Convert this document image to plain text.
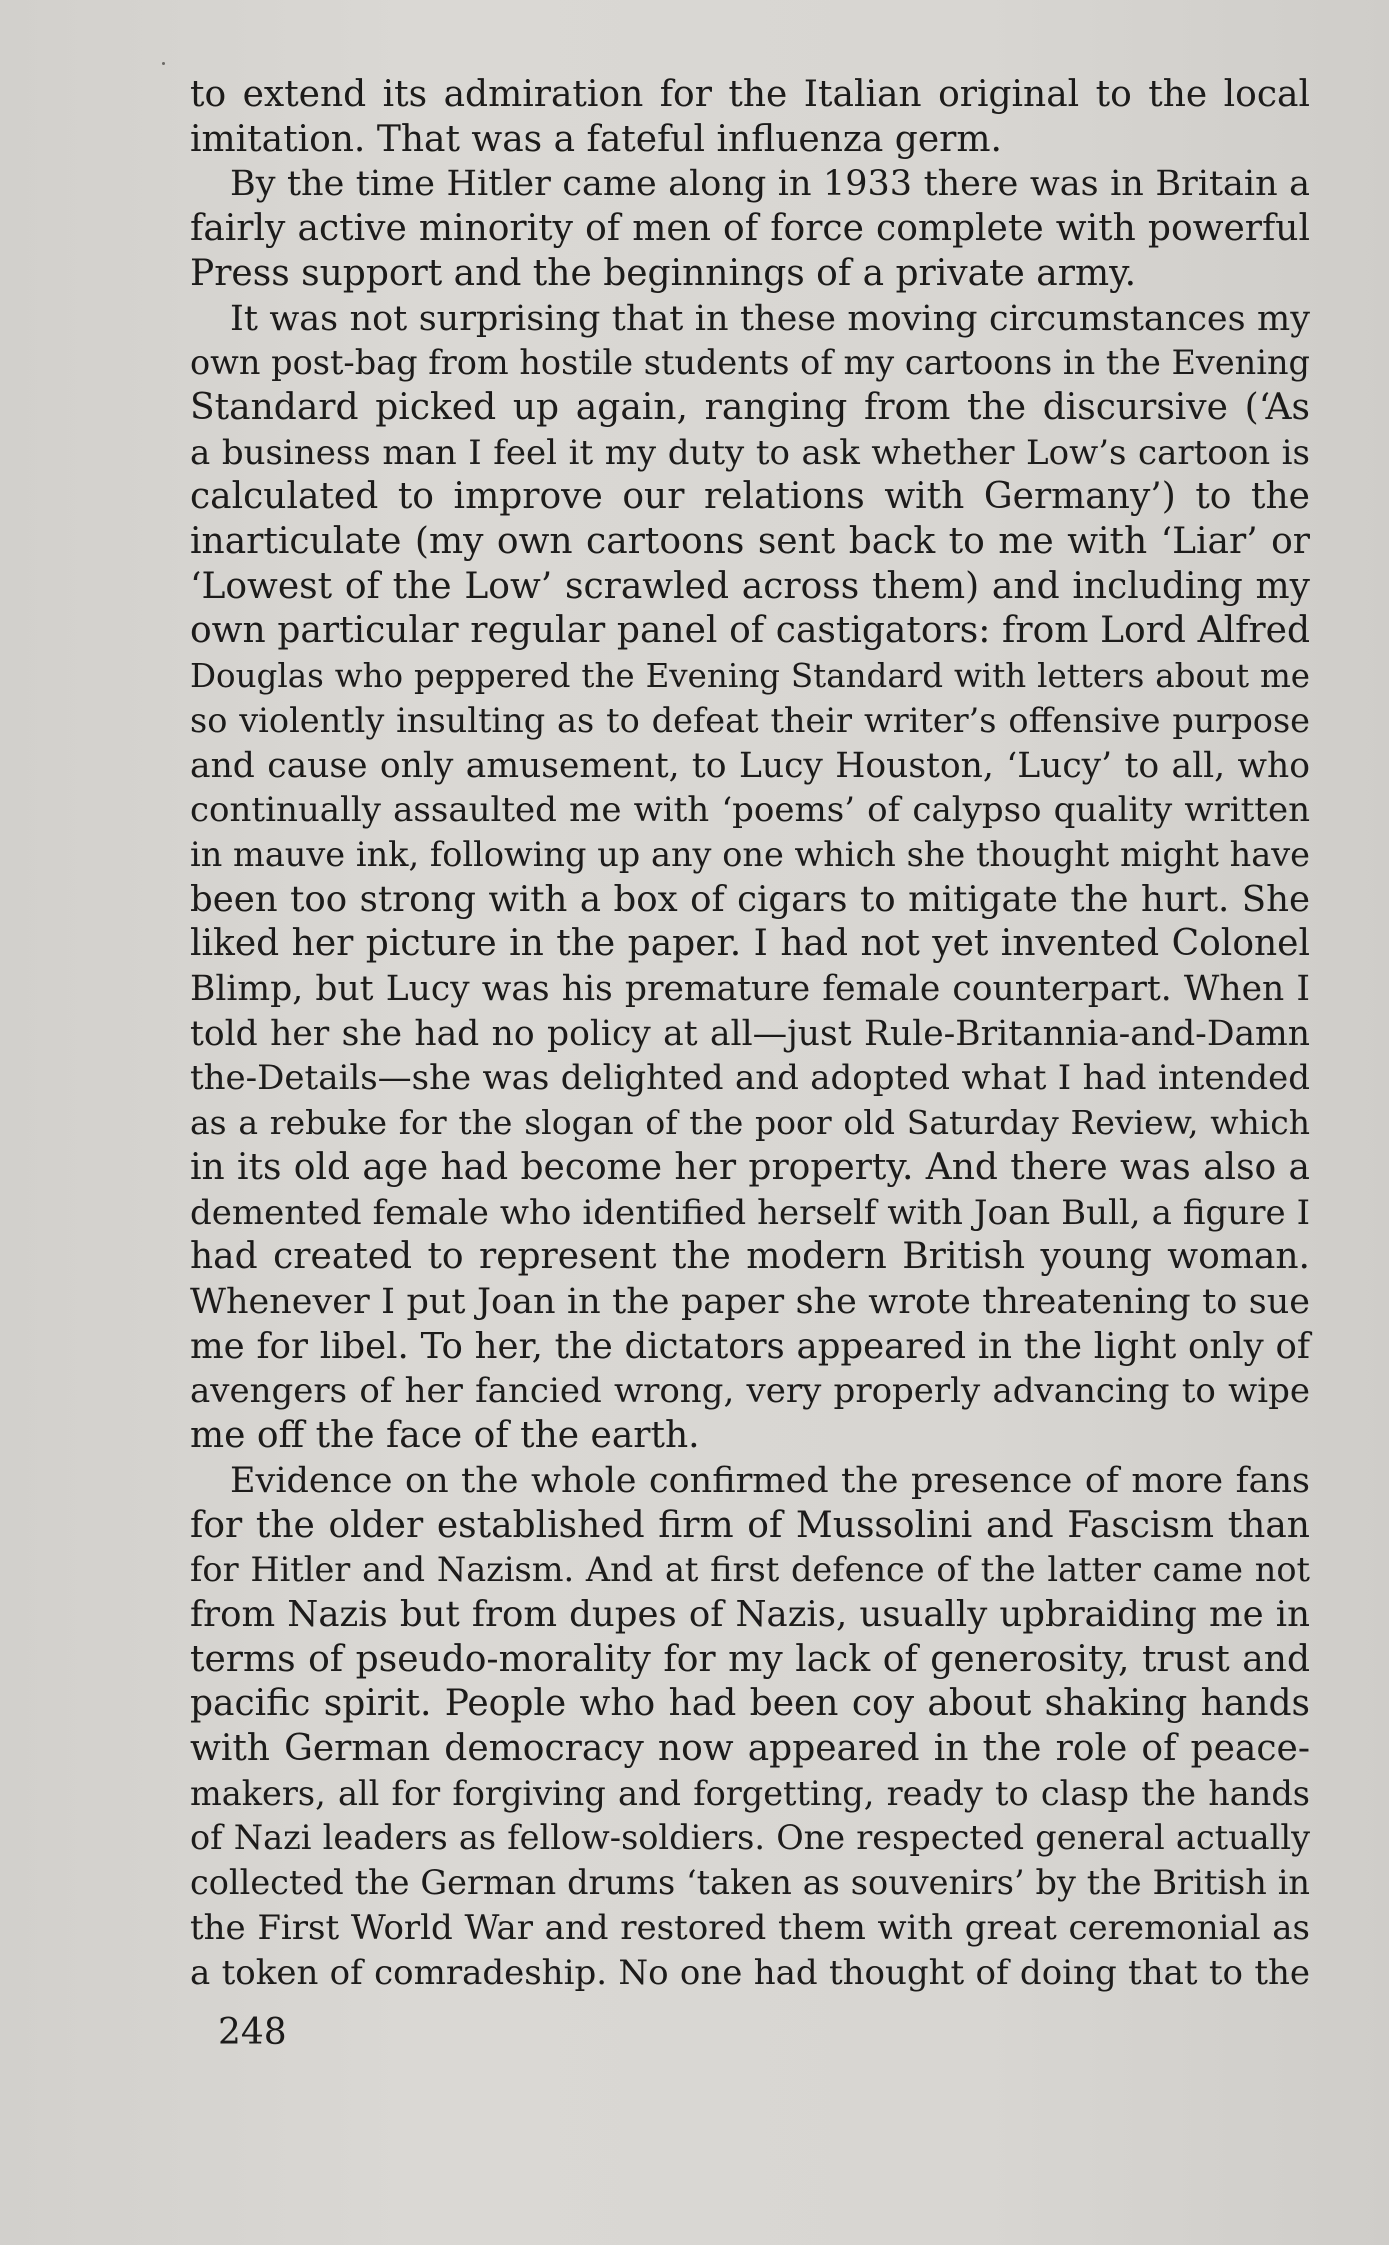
to extend its admiration for the Italian original to the local
imitation. That was a fateful influenza germ.
By the time Hitler came along in 1933 there was in Britain a
fairly active minority of men of force complete with powerful
Press support and the beginnings of a private army.
It was not surprising that in these moving circumstances my
own post-bag from hostile students of my cartoons in the Evening
Standard picked up again, ranging from the discursive (‘As
a business man I feel it my duty to ask whether Low’s cartoon is
calculated to improve our relations with Germany’) to the
inarticulate (my own cartoons sent back to me with ‘Liar’ or
‘Lowest of the Low’ scrawled across them) and including my
own particular regular panel of castigators: from Lord Alfred
Douglas who peppered the Evening Standard with letters about me
so violently insulting as to defeat their writer’s offensive purpose
and cause only amusement, to Lucy Houston, ‘Lucy’ to all, who
continually assaulted me with ‘poems’ of calypso quality written
in mauve ink, following up any one which she thought might have
been too strong with a box of cigars to mitigate the hurt. She
liked her picture in the paper. I had not yet invented Colonel
Blimp, but Lucy was his premature female counterpart. When I
told her she had no policy at all—just Rule-Britannia-and-Damn
the-Details—she was delighted and adopted what I had intended
as a rebuke for the slogan of the poor old Saturday Review, which
in its old age had become her property. And there was also a
demented female who identified herself with Joan Bull, a figure I
had created to represent the modern British young woman.
Whenever I put Joan in the paper she wrote threatening to sue
me for libel. To her, the dictators appeared in the light only of
avengers of her fancied wrong, very properly advancing to wipe
me off the face of the earth.
Evidence on the whole confirmed the presence of more fans
for the older established firm of Mussolini and Fascism than
for Hitler and Nazism. And at first defence of the latter came not
from Nazis but from dupes of Nazis, usually upbraiding me in
terms of pseudo-morality for my lack of generosity, trust and
pacific spirit. People who had been coy about shaking hands
with German democracy now appeared in the role of peace-
makers, all for forgiving and forgetting, ready to clasp the hands
of Nazi leaders as fellow-soldiers. One respected general actually
collected the German drums ‘taken as souvenirs’ by the British in
the First World War and restored them with great ceremonial as
a token of comradeship. No one had thought of doing that to the
248
